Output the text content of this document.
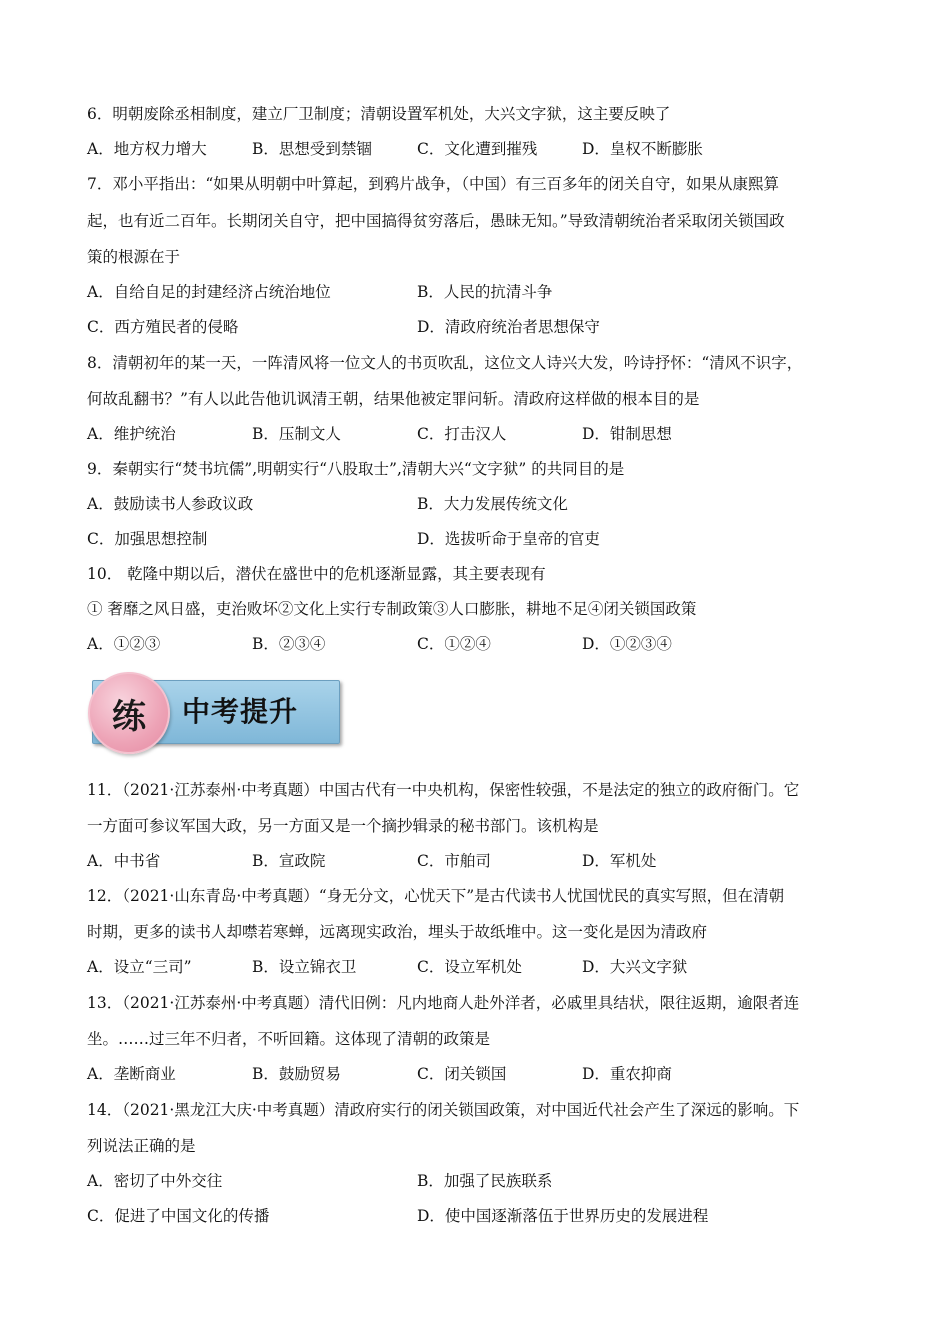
6．明朝废除丞相制度，建立厂卫制度；清朝设置军机处，大兴文字狱，这主要反映了
A．地方权力增大	B．思想受到禁锢	C．文化遭到摧残	D．皇权不断膨胀
7．邓小平指出：“如果从明朝中叶算起，到鸦片战争，（中国）有三百多年的闭关自守，如果从康熙算
起，也有近二百年。长期闭关自守，把中国搞得贫穷落后，愚昧无知。”导致清朝统治者采取闭关锁国政
策的根源在于
A．自给自足的封建经济占统治地位	B．人民的抗清斗争
C．西方殖民者的侵略	D．清政府统治者思想保守
8．清朝初年的某一天，一阵清风将一位文人的书页吹乱，这位文人诗兴大发，吟诗抒怀：“清风不识字，
何故乱翻书？”有人以此告他讥讽清王朝，结果他被定罪问斩。清政府这样做的根本目的是
A．维护统治	B．压制文人	C．打击汉人	D．钳制思想
9．秦朝实行“焚书坑儒”,明朝实行“八股取士”,清朝大兴“文字狱” 的共同目的是
A．鼓励读书人参政议政	B．大力发展传统文化
C．加强思想控制	D．选拔听命于皇帝的官吏
10． 乾隆中期以后，潜伏在盛世中的危机逐渐显露，其主要表现有
① 奢靡之风日盛，吏治败坏②文化上实行专制政策③人口膨胀，耕地不足④闭关锁国政策
A．①②③	B．②③④	C．①②④	D．①②③④
练	中考提升
11．（2021·江苏泰州·中考真题）中国古代有一中央机构，保密性较强，不是法定的独立的政府衙门。它
一方面可参议军国大政，另一方面又是一个摘抄辑录的秘书部门。该机构是
A．中书省	B．宣政院	C．市舶司	D．军机处
12．（2021·山东青岛·中考真题）“身无分文，心忧天下”是古代读书人忧国忧民的真实写照，但在清朝
时期，更多的读书人却噤若寒蝉，远离现实政治，埋头于故纸堆中。这一变化是因为清政府
A．设立“三司”	B．设立锦衣卫	C．设立军机处	D．大兴文字狱
13．（2021·江苏泰州·中考真题）清代旧例：凡内地商人赴外洋者，必戚里具结状，限往返期，逾限者连
坐。……过三年不归者，不听回籍。这体现了清朝的政策是
A．垄断商业	B．鼓励贸易	C．闭关锁国	D．重农抑商
14．（2021·黑龙江大庆·中考真题）清政府实行的闭关锁国政策，对中国近代社会产生了深远的影响。下
列说法正确的是
A．密切了中外交往	B．加强了民族联系
C．促进了中国文化的传播	D．使中国逐渐落伍于世界历史的发展进程
